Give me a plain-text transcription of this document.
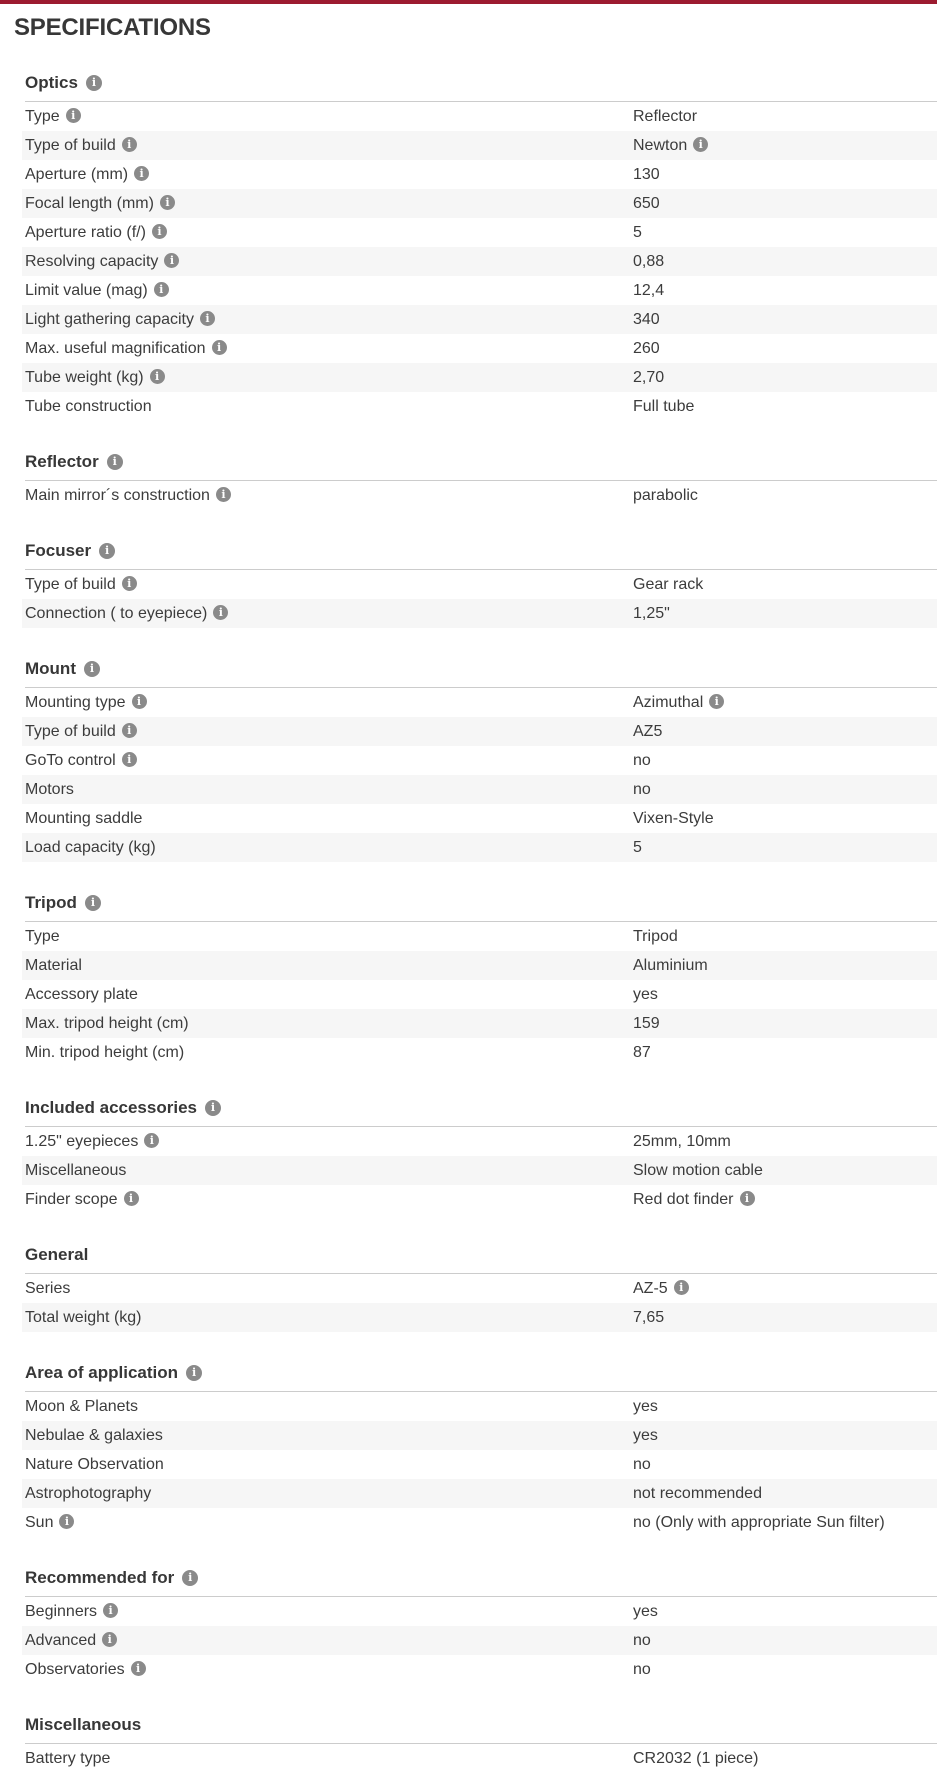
SPECIFICATIONS
Optics i
Type i	Reflector
Type of build i	Newton i
Aperture (mm) i	130
Focal length (mm) i	650
Aperture ratio (f/) i	5
Resolving capacity i	0,88
Limit value (mag) i	12,4
Light gathering capacity i	340
Max. useful magnification i	260
Tube weight (kg) i	2,70
Tube construction	Full tube
Reflector i
Main mirror´s construction i	parabolic
Focuser i
Type of build i	Gear rack
Connection ( to eyepiece) i	1,25"
Mount i
Mounting type i	Azimuthal i
Type of build i	AZ5
GoTo control i	no
Motors	no
Mounting saddle	Vixen-Style
Load capacity (kg)	5
Tripod i
Type	Tripod
Material	Aluminium
Accessory plate	yes
Max. tripod height (cm)	159
Min. tripod height (cm)	87
Included accessories i
1.25" eyepieces i	25mm, 10mm
Miscellaneous	Slow motion cable
Finder scope i	Red dot finder i
General
Series	AZ-5 i
Total weight (kg)	7,65
Area of application i
Moon & Planets	yes
Nebulae & galaxies	yes
Nature Observation	no
Astrophotography	not recommended
Sun i	no (Only with appropriate Sun filter)
Recommended for i
Beginners i	yes
Advanced i	no
Observatories i	no
Miscellaneous
Battery type	CR2032 (1 piece)
